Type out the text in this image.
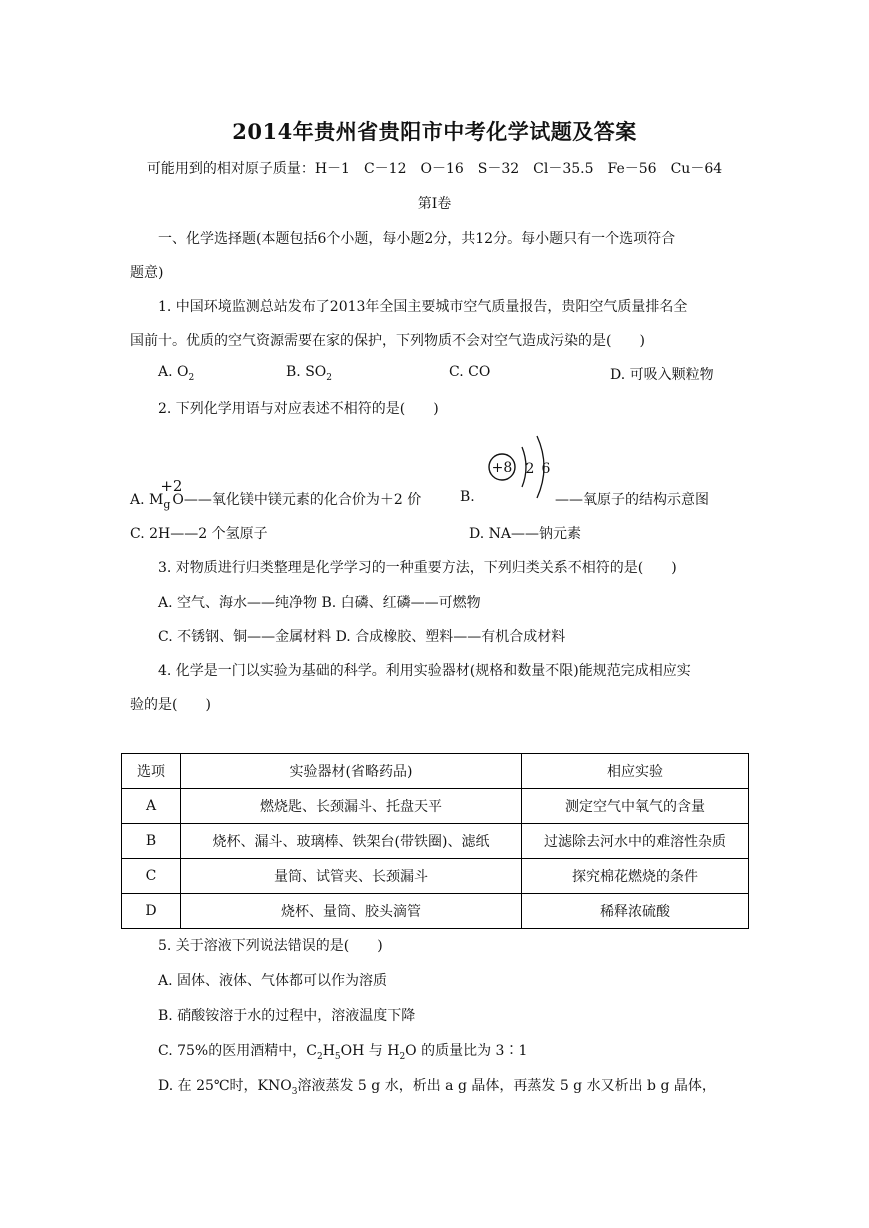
2014年贵州省贵阳市中考化学试题及答案
可能用到的相对原子质量：H－1　C－12　O－16　S－32　Cl－35.5　Fe－56　Cu－64
第Ⅰ卷
一、化学选择题(本题包括6个小题，每小题2分，共12分。每小题只有一个选项符合
题意)
1. 中国环境监测总站发布了2013年全国主要城市空气质量报告，贵阳空气质量排名全
国前十。优质的空气资源需要在家的保护，下列物质不会对空气造成污染的是(　　)
A. $O_2$	B. $SO_2$	C. CO	D. 可吸入颗粒物
2. 下列化学用语与对应表述不相符的是(　　)
A. M
+2
$_g$ O——氧化镁中镁元素的化合价为＋2 价	B.
+8 2 6
——氧原子的结构示意图
C. 2H——2 个氢原子	D. NA——钠元素
3. 对物质进行归类整理是化学学习的一种重要方法，下列归类关系不相符的是(　　)
A. 空气、海水——纯净物 B. 白磷、红磷——可燃物
C. 不锈钢、铜——金属材料 D. 合成橡胶、塑料——有机合成材料
4. 化学是一门以实验为基础的科学。利用实验器材(规格和数量不限)能规范完成相应实
验的是(　　)
选项	实验器材(省略药品)	相应实验
A	燃烧匙、长颈漏斗、托盘天平	测定空气中氧气的含量
B	烧杯、漏斗、玻璃棒、铁架台(带铁圈)、滤纸	过滤除去河水中的难溶性杂质
C	量筒、试管夹、长颈漏斗	探究棉花燃烧的条件
D	烧杯、量筒、胶头滴管	稀释浓硫酸
5. 关于溶液下列说法错误的是(　　)
A. 固体、液体、气体都可以作为溶质
B. 硝酸铵溶于水的过程中，溶液温度下降
C. 75%的医用酒精中，$C_2H_5OH$ 与 $H_2O$ 的质量比为 3∶1
D. 在 25℃时，$KNO_3$溶液蒸发 5 g 水，析出 a g 晶体，再蒸发 5 g 水又析出 b g 晶体，
